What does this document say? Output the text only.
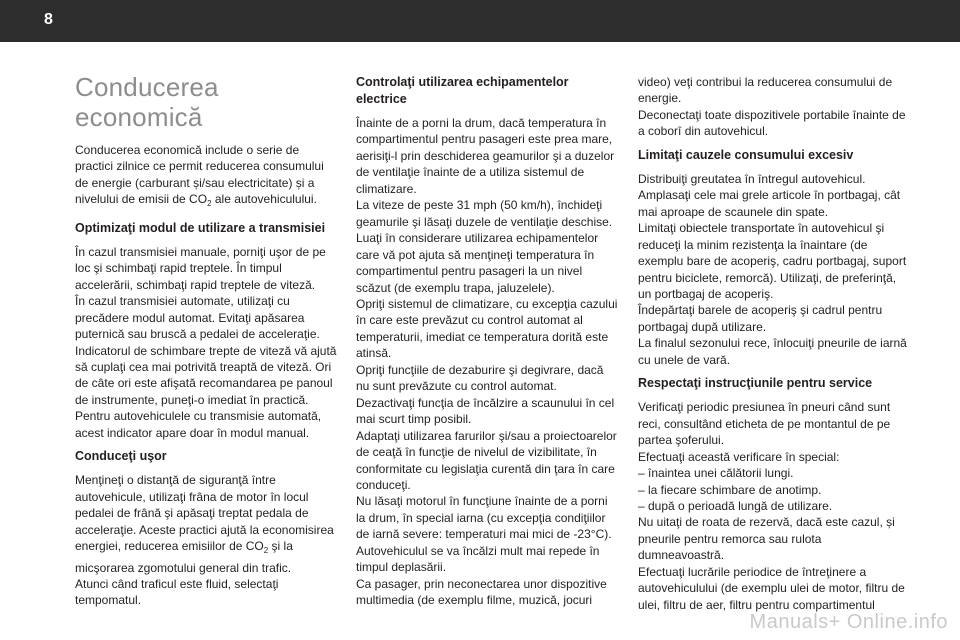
8
Conducerea economică
Conducerea economică include o serie de practici zilnice ce permit reducerea consumului de energie (carburant și/sau electricitate) și a nivelului de emisii de $CO_2$ ale autovehiculului.
Optimizaţi modul de utilizare a transmisiei
În cazul transmisiei manuale, porniţi uşor de pe loc şi schimbaţi rapid treptele. În timpul accelerării, schimbaţi rapid treptele de viteză.
În cazul transmisiei automate, utilizaţi cu precădere modul automat. Evitaţi apăsarea puternică sau bruscă a pedalei de acceleraţie.
Indicatorul de schimbare trepte de viteză vă ajută să cuplaţi cea mai potrivită treaptă de viteză. Ori de câte ori este afişată recomandarea pe panoul de instrumente, puneţi-o imediat în practică.
Pentru autovehiculele cu transmisie automată, acest indicator apare doar în modul manual.
Conduceţi uşor
Menţineţi o distanţă de siguranţă între autovehicule, utilizaţi frâna de motor în locul pedalei de frână şi apăsaţi treptat pedala de acceleraţie. Aceste practici ajută la economisirea energiei, reducerea emisiilor de $CO_2$ şi la micşorarea zgomotului general din trafic.
Atunci când traficul este fluid, selectaţi tempomatul.
Controlaţi utilizarea echipamentelor electrice
Înainte de a porni la drum, dacă temperatura în compartimentul pentru pasageri este prea mare, aerisiţi-l prin deschiderea geamurilor şi a duzelor de ventilaţie înainte de a utiliza sistemul de climatizare.
La viteze de peste 31 mph (50 km/h), închideţi geamurile şi lăsaţi duzele de ventilaţie deschise.
Luaţi în considerare utilizarea echipamentelor care vă pot ajuta să menţineţi temperatura în compartimentul pentru pasageri la un nivel scăzut (de exemplu trapa, jaluzelele).
Opriţi sistemul de climatizare, cu excepţia cazului în care este prevăzut cu control automat al temperaturii, imediat ce temperatura dorită este atinsă.
Opriţi funcţiile de dezaburire şi degivrare, dacă nu sunt prevăzute cu control automat.
Dezactivaţi funcţia de încălzire a scaunului în cel mai scurt timp posibil.
Adaptaţi utilizarea farurilor şi/sau a proiectoarelor de ceaţă în funcţie de nivelul de vizibilitate, în conformitate cu legislaţia curentă din ţara în care conduceţi.
Nu lăsaţi motorul în funcţiune înainte de a porni la drum, în special iarna (cu excepţia condiţiilor de iarnă severe: temperaturi mai mici de -23°C).
Autovehiculul se va încălzi mult mai repede în timpul deplasării.
Ca pasager, prin neconectarea unor dispozitive multimedia (de exemplu filme, muzică, jocuri
video) veţi contribui la reducerea consumului de energie.
Deconectaţi toate dispozitivele portabile înainte de a coborî din autovehicul.
Limitaţi cauzele consumului excesiv
Distribuiţi greutatea în întregul autovehicul.
Amplasaţi cele mai grele articole în portbagaj, cât mai aproape de scaunele din spate.
Limitaţi obiectele transportate în autovehicul şi reduceţi la minim rezistenţa la înaintare (de exemplu bare de acoperiş, cadru portbagaj, suport pentru biciclete, remorcă). Utilizaţi, de preferinţă, un portbagaj de acoperiş.
Îndepărtaţi barele de acoperiş şi cadrul pentru portbagaj după utilizare.
La finalul sezonului rece, înlocuiţi pneurile de iarnă cu unele de vară.
Respectaţi instrucţiunile pentru service
Verificaţi periodic presiunea în pneuri când sunt reci, consultând eticheta de pe montantul de pe partea şoferului.
Efectuaţi această verificare în special:
– înaintea unei călătorii lungi.
– la fiecare schimbare de anotimp.
– după o perioadă lungă de utilizare.
Nu uitaţi de roata de rezervă, dacă este cazul, și pneurile pentru remorca sau rulota dumneavoastră.
Efectuaţi lucrările periodice de întreţinere a autovehiculului (de exemplu ulei de motor, filtru de ulei, filtru de aer, filtru pentru compartimentul
Manuals+ Online.info
